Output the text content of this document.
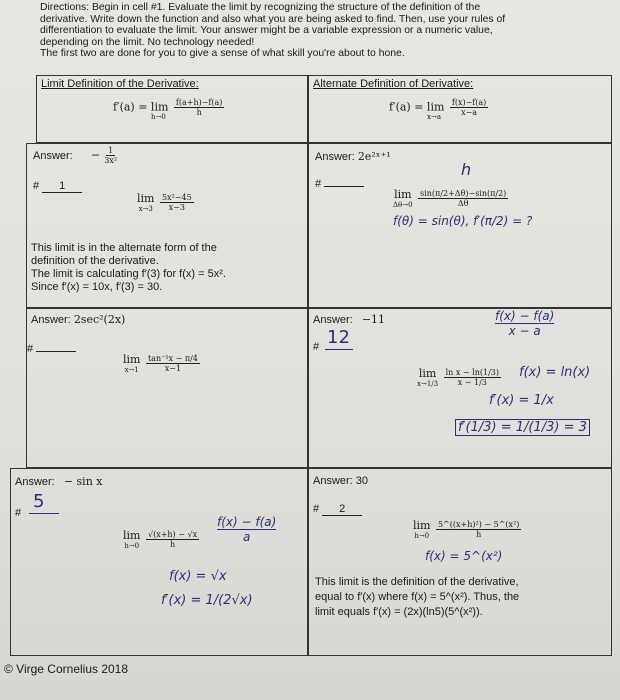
Directions: Begin in cell #1. Evaluate the limit by recognizing the structure of the definition of the
derivative. Write down the function and also what you are being asked to find. Then, use your rules of
differentiation to evaluate the limit. Your answer might be a variable expression or a numeric value,
depending on the limit. No technology needed!
The first two are done for you to give a sense of what skill you're about to hone.
Limit Definition of the Derivative:
$f'(a) = \lim \frac{f(a+h)-f(a)}{h}$
h→0
Alternate Definition of Derivative:
$f'(a) = \lim \frac{f(x)-f(a)}{x-a}$
x→a
Answer: − $\frac{1}{\text{3x²}}$
# 1
lim
x→3
$\frac{\text{5x²−45}}{x-3}$
This limit is in the alternate form of the
definition of the derivative.
The limit is calculating f′(3) for f(x) = 5x².
Since f′(x) = 10x, f′(3) = 30.
Answer: 2e²ˣ⁺¹
#
h
lim
Δθ→0
$\frac{\sin(\pi/2+\Delta\theta)-\sin(\pi/2)}{\Delta\theta}$
f(θ) = sin(θ), f′(π/2) = ?
Answer: 2sec²(2x)
#
lim
x→1
$\frac{\text{tan⁻¹x − π/4}}{x-1}$
Answer: −11
# 12
f(x) − f(a)
x − a
lim
x→1/3
$\frac{\text{ln x − ln(1/3)}}{x - 1/3} f(x) = \ln(x)$
f′(x) = 1/x
f′(1/3) = 1/(1/3) = 3
Answer: − sin x
#
5
lim
h→0
$\frac{√(x+h) - √x}{h}$
f(x) − f(a)
a
f(x) = √x
f′(x) = 1/(2√x)
Answer: 30
# 2
lim
h→0
$\frac{\text{5\textasciicircum{}((x+h)²) − 5\textasciicircum{}(x²)}}{h}$
f(x) = 5^(x²)
This limit is the definition of the derivative,
equal to f′(x) where f(x) = 5^(x²). Thus, the
limit equals f′(x) = (2x)(ln5)(5^(x²)).
© Virge Cornelius 2018
